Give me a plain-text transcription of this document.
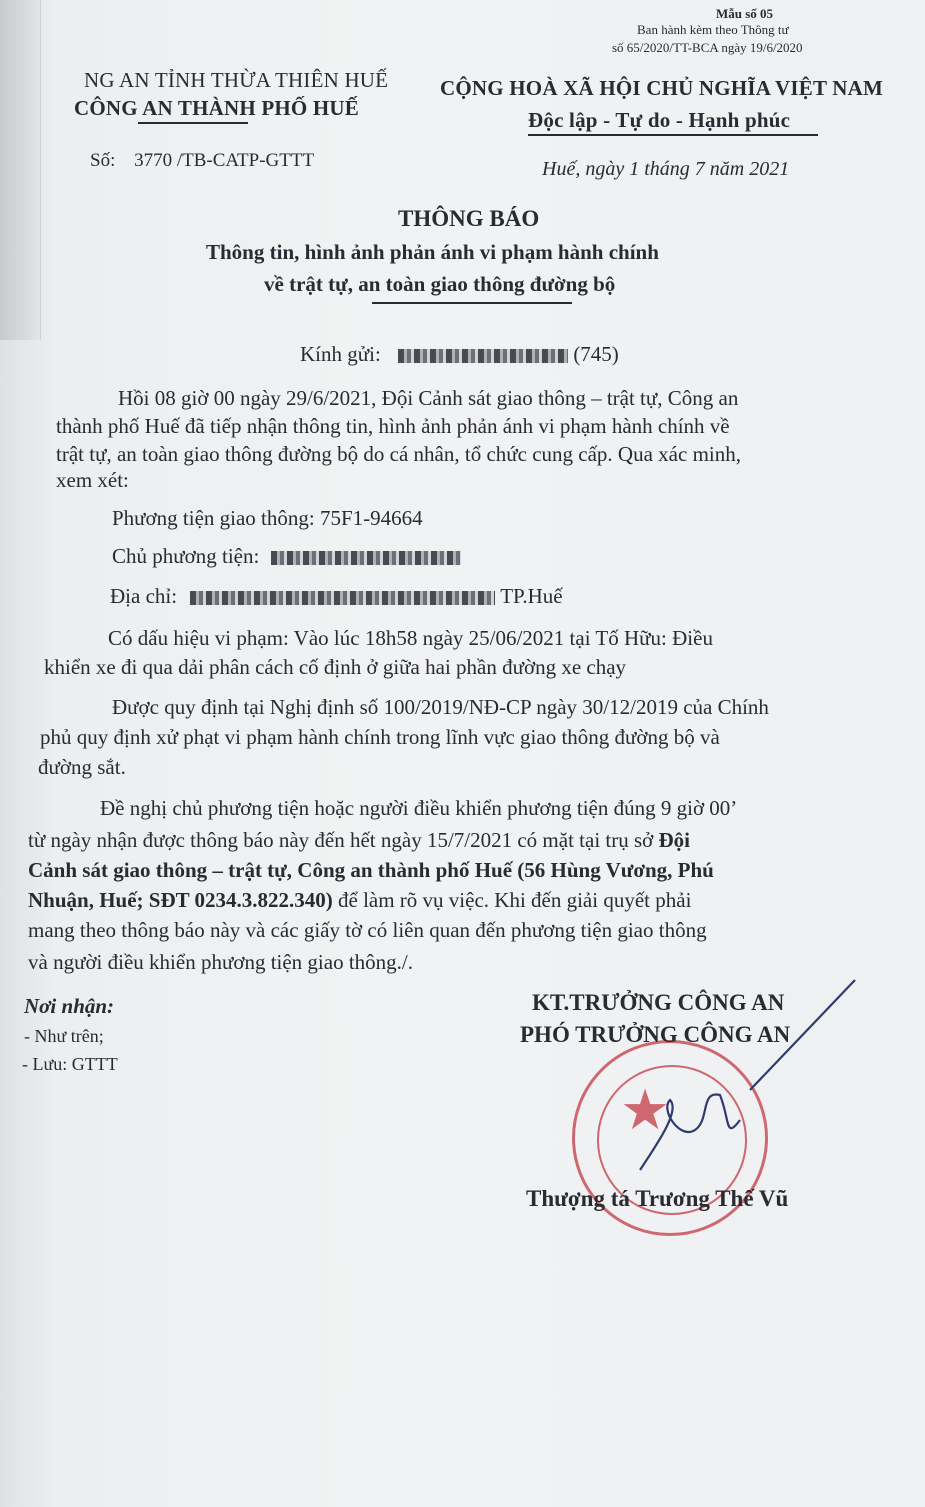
Mẫu số 05
Ban hành kèm theo Thông tư
số 65/2020/TT-BCA ngày 19/6/2020
NG AN TỈNH THỪA THIÊN HUẾ
CÔNG AN THÀNH PHỐ HUẾ
CỘNG HOÀ XÃ HỘI CHỦ NGHĨA VIỆT NAM
Độc lập - Tự do - Hạnh phúc
Số: 3770 /TB-CATP-GTTT	Huế, ngày 1 tháng 7 năm 2021
THÔNG BÁO
Thông tin, hình ảnh phản ánh vi phạm hành chính
về trật tự, an toàn giao thông đường bộ
Kính gửi:	(745)
Hồi 08 giờ 00 ngày 29/6/2021, Đội Cảnh sát giao thông – trật tự, Công an
thành phố Huế đã tiếp nhận thông tin, hình ảnh phản ánh vi phạm hành chính về
trật tự, an toàn giao thông đường bộ do cá nhân, tổ chức cung cấp. Qua xác minh,
xem xét:
Phương tiện giao thông: 75F1-94664
Chủ phương tiện:
Địa chỉ:	TP.Huế
Có dấu hiệu vi phạm: Vào lúc 18h58 ngày 25/06/2021 tại Tố Hữu: Điều
khiển xe đi qua dải phân cách cố định ở giữa hai phần đường xe chạy
Được quy định tại Nghị định số 100/2019/NĐ-CP ngày 30/12/2019 của Chính
phủ quy định xử phạt vi phạm hành chính trong lĩnh vực giao thông đường bộ và
đường sắt.
Đề nghị chủ phương tiện hoặc người điều khiển phương tiện đúng 9 giờ 00’
từ ngày nhận được thông báo này đến hết ngày 15/7/2021 có mặt tại trụ sở Đội
Cảnh sát giao thông – trật tự, Công an thành phố Huế (56 Hùng Vương, Phú
Nhuận, Huế; SĐT 0234.3.822.340) để làm rõ vụ việc. Khi đến giải quyết phải
mang theo thông báo này và các giấy tờ có liên quan đến phương tiện giao thông
và người điều khiển phương tiện giao thông./.
Nơi nhận:
- Như trên;
- Lưu: GTTT
★
KT.TRƯỞNG CÔNG AN
PHÓ TRƯỞNG CÔNG AN
Thượng tá Trương Thế Vũ
